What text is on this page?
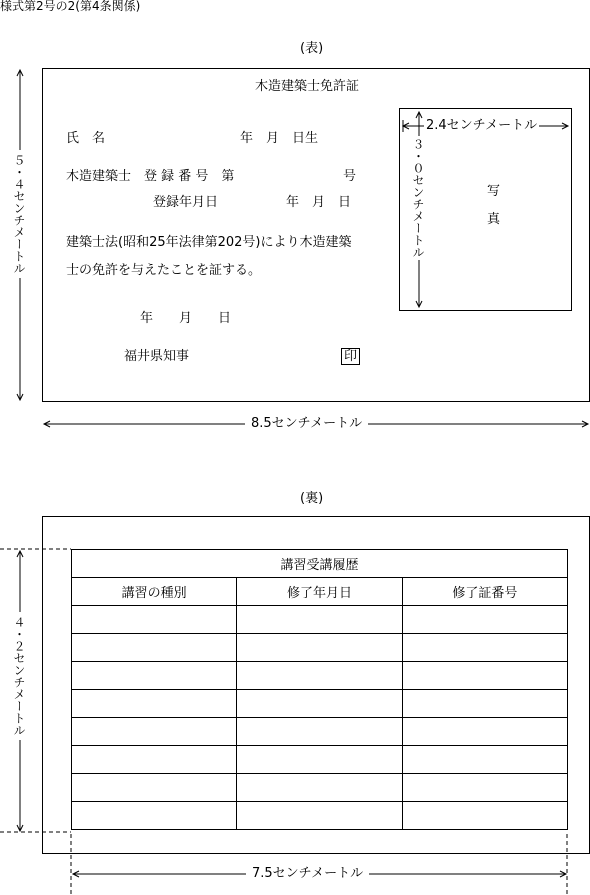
様式第2号の2(第4条関係)
(表)
木造建築士免許証
氏　名	年　月　日生
木造建築士　登 録 番 号　第	号
登録年月日	年　月　日
建築士法(昭和25年法律第202号)により木造建築
士の免許を与えたことを証する。
年　　月　　日
福井県知事	印
写
真
2.4センチメートル
３・０センチメートル
５・４センチメートル
8.5センチメートル
(裏)
講習受講履歴		
講習の種別	修了年月日	修了証番号

４・２センチメートル
7.5センチメートル
